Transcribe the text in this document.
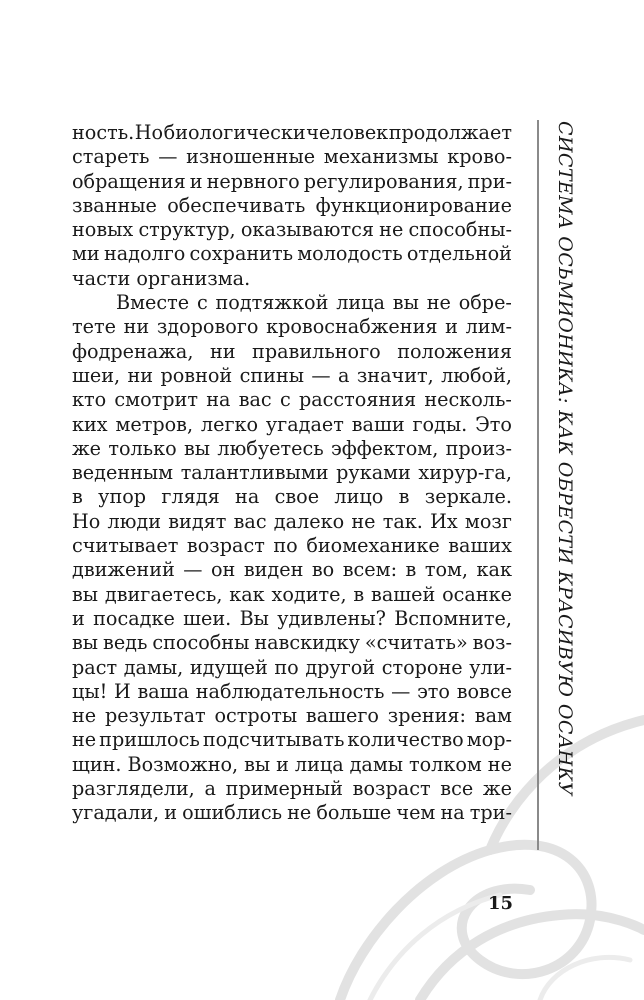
ность. Но биологически человек продолжает
стареть — изношенные механизмы крово-
обращения и нервного регулирования, при-
званные обеспечивать функционирование
новых структур, оказываются не способны-
ми надолго сохранить молодость отдельной
части организма.
Вместе с подтяжкой лица вы не обре-
тете ни здорового кровоснабжения и лим-
фодренажа, ни правильного положения
шеи, ни ровной спины — а значит, любой,
кто смотрит на вас с расстояния несколь-
ких метров, легко угадает ваши годы. Это
же только вы любуетесь эффектом, произ-
веденным талантливыми руками хирур-га,
в упор глядя на свое лицо в зеркале.
Но люди видят вас далеко не так. Их мозг
считывает возраст по биомеханике ваших
движений — он виден во всем: в том, как
вы двигаетесь, как ходите, в вашей осанке
и посадке шеи. Вы удивлены? Вспомните,
вы ведь способны навскидку «считать» воз-
раст дамы, идущей по другой стороне ули-
цы! И ваша наблюдательность — это вовсе
не результат остроты вашего зрения: вам
не пришлось подсчитывать количество мор-
щин. Возможно, вы и лица дамы толком не
разглядели, а примерный возраст все же
угадали, и ошиблись не больше чем на три-
СИСТЕМА ОСЬМИОНИКА: КАК ОБРЕСТИ КРАСИВУЮ ОСАНКУ
15
